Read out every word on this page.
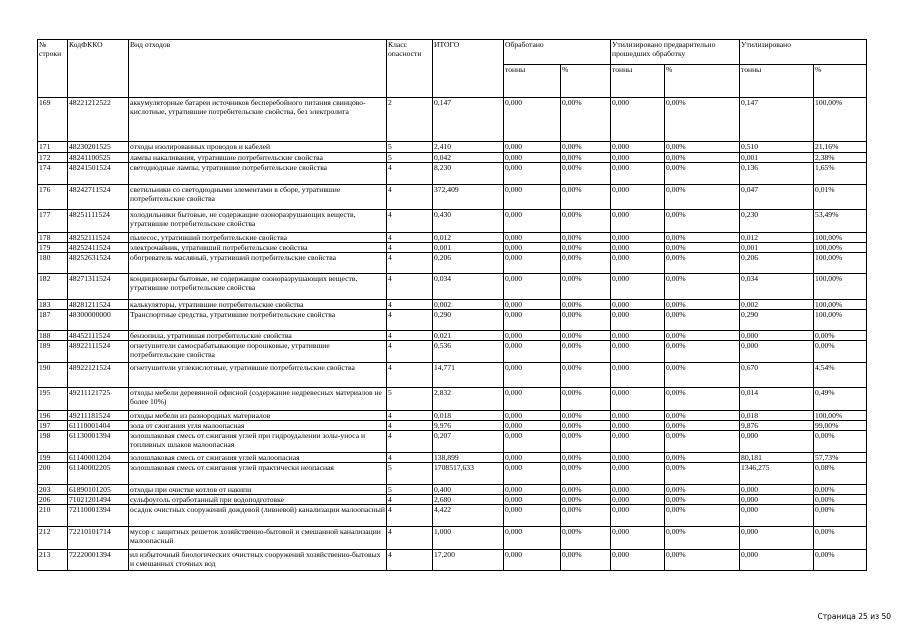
№ строки	КодФККО	Вид отходов	Класс опасности	ИТОГО	Обработано		Утилизировано предварительно прошедших обработку		Утилизировано	
					тонны	%	тонны	%	тонны	%
169	48221212522	аккумуляторные батареи источников бесперебойного питания свинцово-кислотные, утратившие потребительские свойства, без электролита	2	0,147	0,000	0,00%	0,000	0,00%	0,147	100,00%
171	48230201525	отходы изолированных проводов и кабелей	5	2,410	0,000	0,00%	0,000	0,00%	0,510	21,16%
172	48241100525	лампы накаливания, утратившие потребительские свойства	5	0,042	0,000	0,00%	0,000	0,00%	0,001	2,38%
174	48241501524	светодиодные лампы, утратившие потребительские свойства	4	8,230	0,000	0,00%	0,000	0,00%	0,136	1,65%
176	48242711524	светильники со светодиодными элементами в сборе, утратившие потребительские свойства	4	372,409	0,000	0,00%	0,000	0,00%	0,047	0,01%
177	48251111524	холодильники бытовые, не содержащие озоноразрушающих веществ, утратившие потребительские свойства	4	0,430	0,000	0,00%	0,000	0,00%	0,230	53,49%
178	48252111524	пылесос, утративший потребительские свойства	4	0,012	0,000	0,00%	0,000	0,00%	0,012	100,00%
179	48252411524	электрочайник, утративший потребительские свойства	4	0,001	0,000	0,00%	0,000	0,00%	0,001	100,00%
180	48252631524	обогреватель масляный, утративший потребительские свойства	4	0,206	0,000	0,00%	0,000	0,00%	0,206	100,00%
182	48271311524	кондиционеры бытовые, не содержащие озоноразрушающих веществ, утратившие потребительские свойства	4	0,034	0,000	0,00%	0,000	0,00%	0,034	100,00%
183	48281211524	калькуляторы, утратившие потребительские свойства	4	0,002	0,000	0,00%	0,000	0,00%	0,002	100,00%
187	48300000000	Транспортные средства, утратившие потребительские свойства	4	0,290	0,000	0,00%	0,000	0,00%	0,290	100,00%
188	48452111524	бензопила, утратившая потребительские свойства	4	0,021	0,000	0,00%	0,000	0,00%	0,000	0,00%
189	48922111524	огнетушители самосрабатывающие порошковые, утратившие потребительские свойства	4	0,536	0,000	0,00%	0,000	0,00%	0,000	0,00%
190	48922121524	огнетушители углекислотные, утратившие потребительские свойства	4	14,771	0,000	0,00%	0,000	0,00%	0,670	4,54%
195	49211121725	отходы мебели деревянной офисной (содержание недревесных материалов не более 10%)	5	2,832	0,000	0,00%	0,000	0,00%	0,014	0,49%
196	49211181524	отходы мебели из разнородных материалов	4	0,018	0,000	0,00%	0,000	0,00%	0,018	100,00%
197	61110001404	зола от сжигания угля малоопасная	4	9,976	0,000	0,00%	0,000	0,00%	9,876	99,00%
198	61130001394	золошлаковая смесь от сжигания углей при гидроудалении золы-уноса и топливных шлаков малоопасная	4	0,207	0,000	0,00%	0,000	0,00%	0,000	0,00%
199	61140001204	золошлаковая смесь от сжигания углей малоопасная	4	138,899	0,000	0,00%	0,000	0,00%	80,181	57,73%
200	61140002205	золошлаковая смесь от сжигания углей практически неопасная	5	1708517,633	0,000	0,00%	0,000	0,00%	1346,275	0,08%
203	61890101205	отходы при очистке котлов от накипи	5	0,400	0,000	0,00%	0,000	0,00%	0,000	0,00%
206	71021201494	сульфоуголь отработанный при водоподготовке	4	2,680	0,000	0,00%	0,000	0,00%	0,000	0,00%
210	72110001394	осадок очистных сооружений дождевой (ливневой) канализации малоопасный	4	4,422	0,000	0,00%	0,000	0,00%	0,000	0,00%
212	72210101714	мусор с защитных решеток хозяйственно-бытовой и смешанной канализации малоопасный	4	1,000	0,000	0,00%	0,000	0,00%	0,000	0,00%
213	72220001394	ил избыточный биологических очистных сооружений хозяйственно-бытовых и смешанных сточных вод	4	17,200	0,000	0,00%	0,000	0,00%	0,000	0,00%
Страница 25 из 50
